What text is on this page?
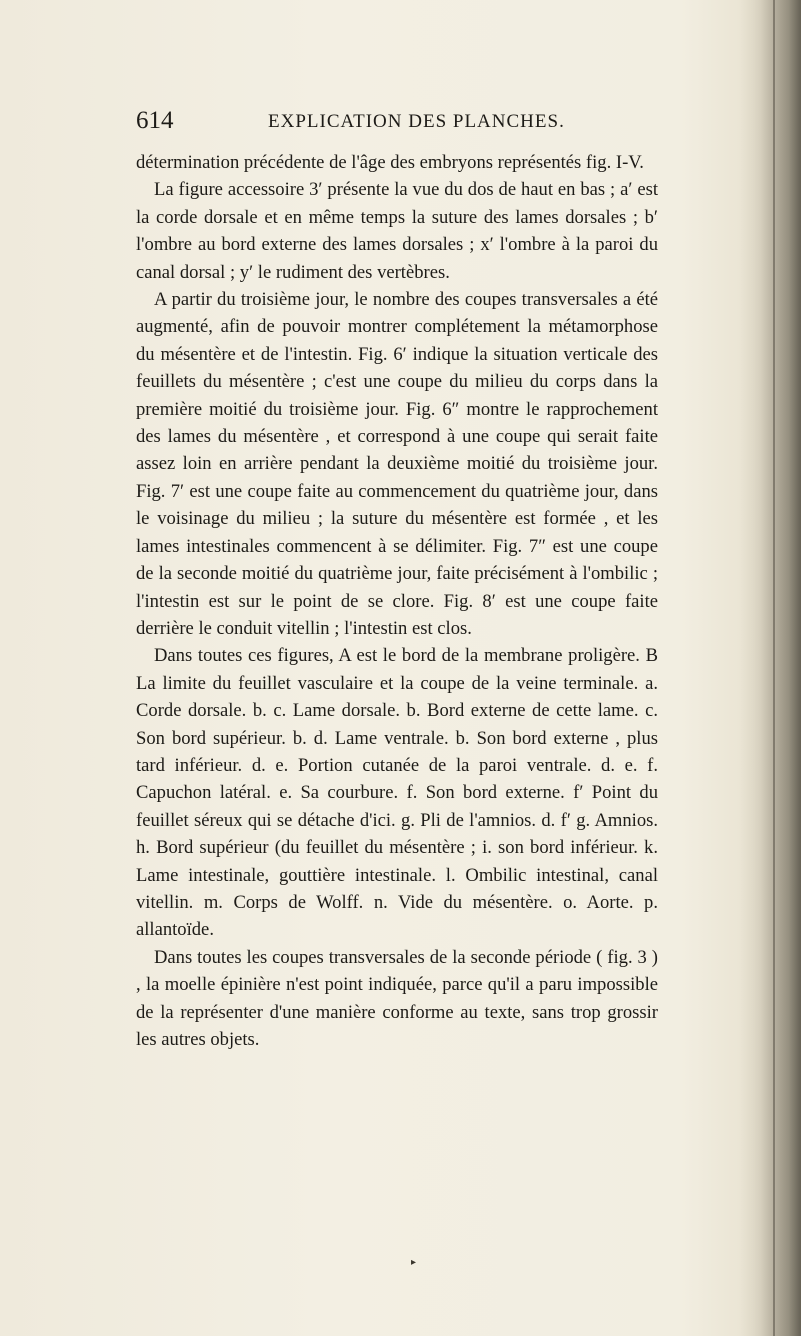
614	EXPLICATION DES PLANCHES.

détermination précédente de l'âge des embryons représentés fig. I-V.

La figure accessoire 3′ présente la vue du dos de haut en bas ; a′ est la corde dorsale et en même temps la suture des lames dorsales ; b′ l'ombre au bord externe des lames dorsales ; x′ l'ombre à la paroi du canal dorsal ; y′ le rudiment des vertèbres.

A partir du troisième jour, le nombre des coupes transversales a été augmenté, afin de pouvoir montrer complétement la métamorphose du mésentère et de l'intestin. Fig. 6′ indique la situation verticale des feuillets du mésentère ; c'est une coupe du milieu du corps dans la première moitié du troisième jour. Fig. 6″ montre le rapprochement des lames du mésentère , et correspond à une coupe qui serait faite assez loin en arrière pendant la deuxième moitié du troisième jour. Fig. 7′ est une coupe faite au commencement du quatrième jour, dans le voisinage du milieu ; la suture du mésentère est formée , et les lames intestinales commencent à se délimiter. Fig. 7″ est une coupe de la seconde moitié du quatrième jour, faite précisément à l'ombilic ; l'intestin est sur le point de se clore. Fig. 8′ est une coupe faite derrière le conduit vitellin ; l'intestin est clos.

Dans toutes ces figures, A est le bord de la membrane proligère. B La limite du feuillet vasculaire et la coupe de la veine terminale. a. Corde dorsale. b. c. Lame dorsale. b. Bord externe de cette lame. c. Son bord supérieur. b. d. Lame ventrale. b. Son bord externe , plus tard inférieur. d. e. Portion cutanée de la paroi ventrale. d. e. f. Capuchon latéral. e. Sa courbure. f. Son bord externe. f′ Point du feuillet séreux qui se détache d'ici. g. Pli de l'amnios. d. f′ g. Amnios. h. Bord supérieur (du feuillet du mésentère ; i. son bord inférieur. k. Lame intestinale, gouttière intestinale. l. Ombilic intestinal, canal vitellin. m. Corps de Wolff. n. Vide du mésentère. o. Aorte. p. allantoïde.

Dans toutes les coupes transversales de la seconde période ( fig. 3 ) , la moelle épinière n'est point indiquée, parce qu'il a paru impossible de la représenter d'une manière conforme au texte, sans trop grossir les autres objets.

▸
